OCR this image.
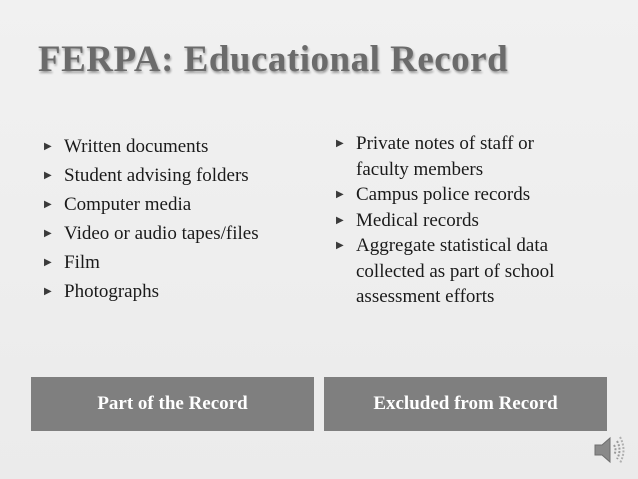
FERPA: Educational Record
▶ Written documents
▶ Student advising folders
▶ Computer media
▶ Video or audio tapes/files
▶ Film
▶ Photographs
▶ Private notes of staff or
faculty members
▶ Campus police records
▶ Medical records
▶ Aggregate statistical data
collected as part of school
assessment efforts
Part of the Record	Excluded from Record
